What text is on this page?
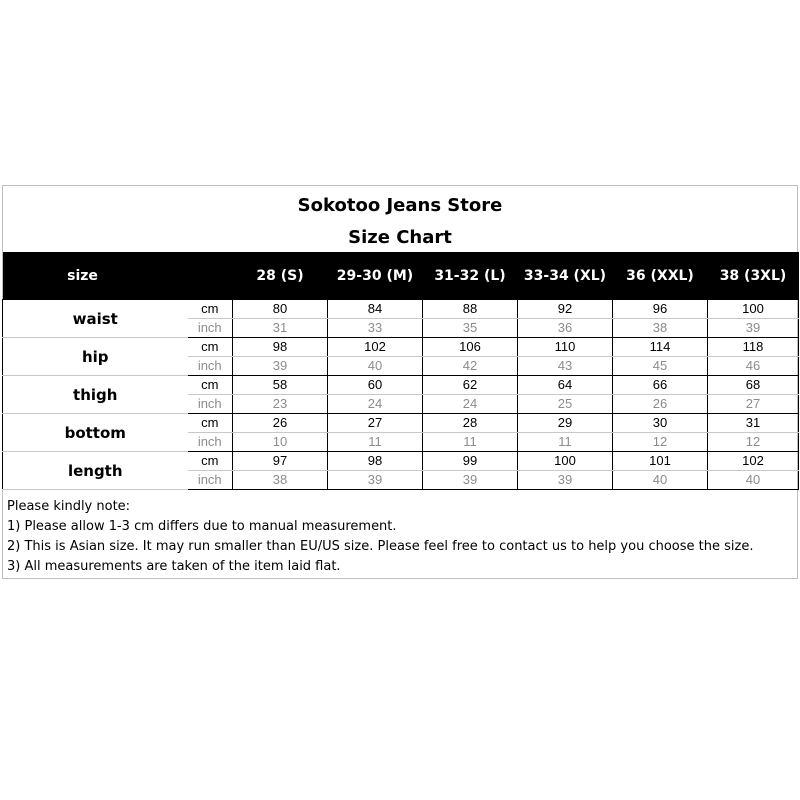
Sokotoo Jeans Store
Size Chart
size		28 (S)	29-30 (M)	31-32 (L)	33-34 (XL)	36 (XXL)	38 (3XL)
waist	cm	80	84	88	92	96	100
	inch	31	33	35	36	38	39
hip	cm	98	102	106	110	114	118
	inch	39	40	42	43	45	46
thigh	cm	58	60	62	64	66	68
	inch	23	24	24	25	26	27
bottom	cm	26	27	28	29	30	31
	inch	10	11	11	11	12	12
length	cm	97	98	99	100	101	102
	inch	38	39	39	39	40	40
Please kindly note:
1) Please allow 1-3 cm differs due to manual measurement.
2) This is Asian size. It may run smaller than EU/US size. Please feel free to contact us to help you choose the size.
3) All measurements are taken of the item laid flat.
